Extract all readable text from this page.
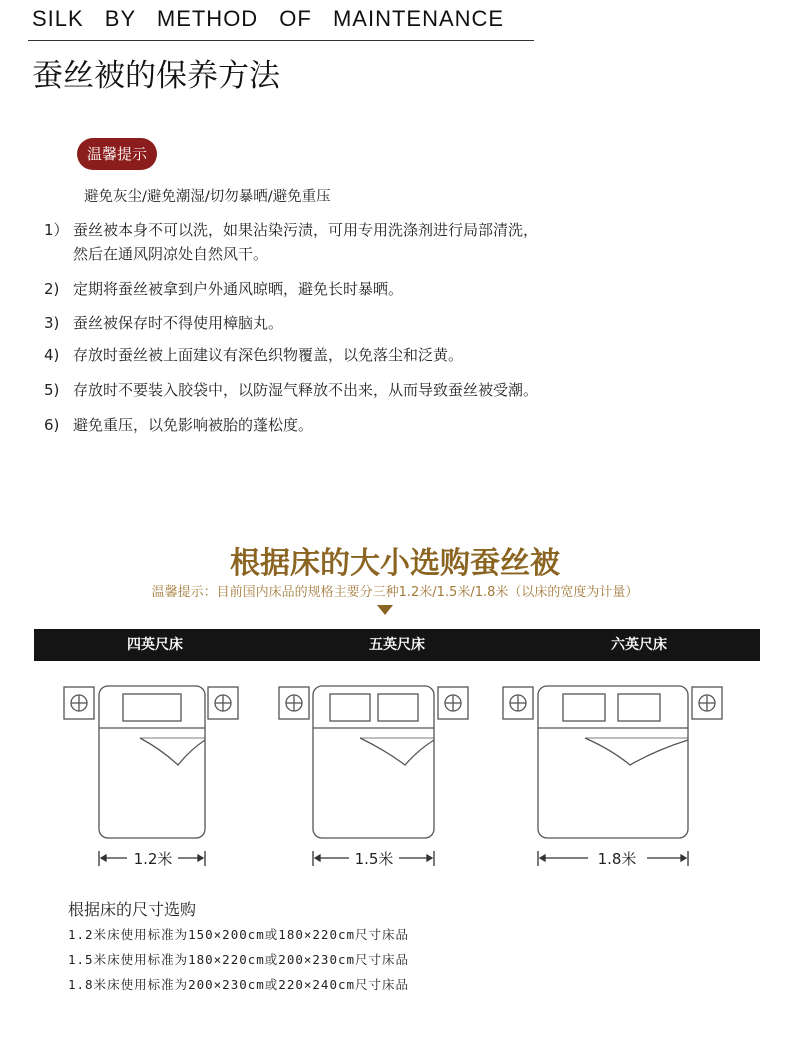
SILK BY METHOD OF MAINTENANCE
蚕丝被的保养方法
温馨提示
避免灰尘/避免潮湿/切勿暴晒/避免重压
1） 蚕丝被本身不可以洗，如果沾染污渍，可用专用洗涤剂进行局部清洗，
然后在通风阴凉处自然风干。
2) 定期将蚕丝被拿到户外通风晾晒，避免长时暴晒。
3) 蚕丝被保存时不得使用樟脑丸。
4) 存放时蚕丝被上面建议有深色织物覆盖，以免落尘和泛黄。
5) 存放时不要装入胶袋中，以防湿气释放不出来，从而导致蚕丝被受潮。
6) 避免重压，以免影响被胎的蓬松度。
根据床的大小选购蚕丝被
温馨提示：目前国内床品的规格主要分三种1.2米/1.5米/1.8米（以床的宽度为计量）
四英尺床	五英尺床	六英尺床
1.2米	1.5米	1.8米
根据床的尺寸选购
1.2米床使用标准为150×200cm或180×220cm尺寸床品
1.5米床使用标准为180×220cm或200×230cm尺寸床品
1.8米床使用标准为200×230cm或220×240cm尺寸床品
